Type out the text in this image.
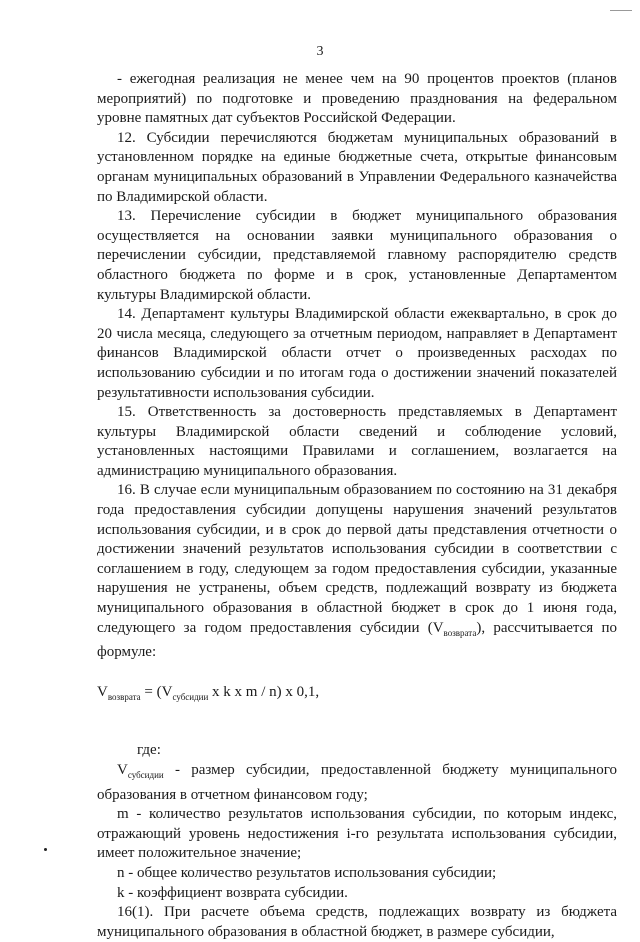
3

- ежегодная реализация не менее чем на 90 процентов проектов (планов мероприятий) по подготовке и проведению празднования на федеральном уровне памятных дат субъектов Российской Федерации.

12. Субсидии перечисляются бюджетам муниципальных образований в установленном порядке на единые бюджетные счета, открытые финансовым органам муниципальных образований в Управлении Федерального казначейства по Владимирской области.

13. Перечисление субсидии в бюджет муниципального образования осуществляется на основании заявки муниципального образования о перечислении субсидии, представляемой главному распорядителю средств областного бюджета по форме и в срок, установленные Департаментом культуры Владимирской области.

14. Департамент культуры Владимирской области ежеквартально, в срок до 20 числа месяца, следующего за отчетным периодом, направляет в Департамент финансов Владимирской области отчет о произведенных расходах по использованию субсидии и по итогам года о достижении значений показателей результативности использования субсидии.

15. Ответственность за достоверность представляемых в Департамент культуры Владимирской области сведений и соблюдение условий, установленных настоящими Правилами и соглашением, возлагается на администрацию муниципального образования.

16. В случае если муниципальным образованием по состоянию на 31 декабря года предоставления субсидии допущены нарушения значений результатов использования субсидии, и в срок до первой даты представления отчетности о достижении значений результатов использования субсидии в соответствии с соглашением в году, следующем за годом предоставления субсидии, указанные нарушения не устранены, объем средств, подлежащий возврату из бюджета муниципального образования в областной бюджет в срок до 1 июня года, следующего за годом предоставления субсидии $(V_{возврата})$, рассчитывается по формуле:

$V_{возврата} = (V_{субсидии}$ x k x m / n) x 0,1,

где:

$V_{субсидии}$ - размер субсидии, предоставленной бюджету муниципального образования в отчетном финансовом году;

m - количество результатов использования субсидии, по которым индекс, отражающий уровень недостижения i-го результата использования субсидии, имеет положительное значение;

n - общее количество результатов использования субсидии;

k - коэффициент возврата субсидии.

16(1). При расчете объема средств, подлежащих возврату из бюджета муниципального образования в областной бюджет, в размере субсидии,
